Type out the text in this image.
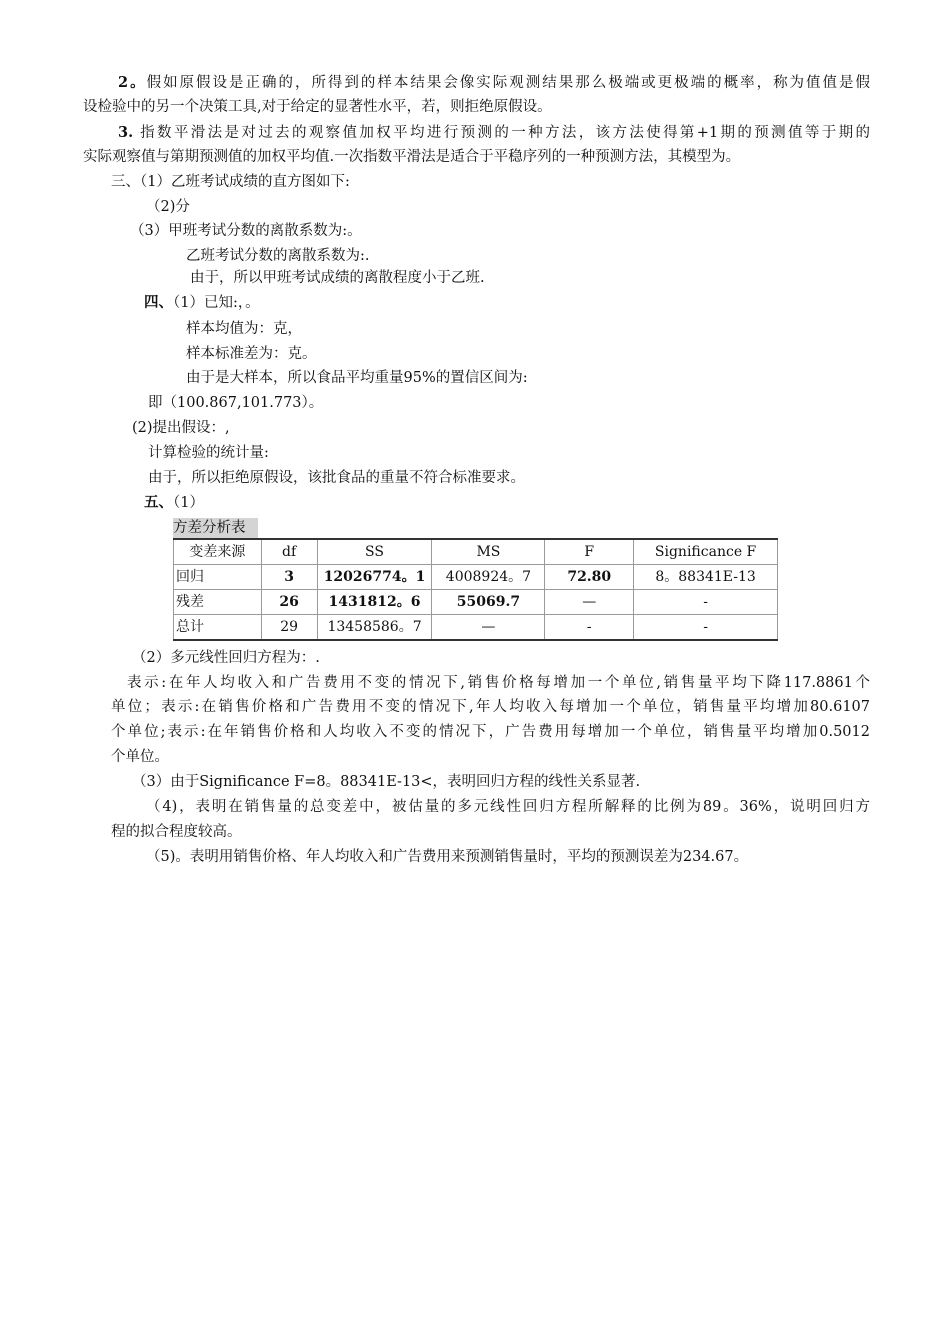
2。假如原假设是正确的，所得到的样本结果会像实际观测结果那么极端或更极端的概率，称为值值是假
设检验中的另一个决策工具,对于给定的显著性水平，若，则拒绝原假设。
3. 指数平滑法是对过去的观察值加权平均进行预测的一种方法，该方法使得第+1期的预测值等于期的
实际观察值与第期预测值的加权平均值.一次指数平滑法是适合于平稳序列的一种预测方法，其模型为。
三、（1）乙班考试成绩的直方图如下:
（2)分
（3）甲班考试分数的离散系数为:。
乙班考试分数的离散系数为:.
由于，所以甲班考试成绩的离散程度小于乙班.
四、（1）已知:，。
样本均值为：克，
样本标准差为：克。
由于是大样本，所以食品平均重量95%的置信区间为:
即（100.867,101.773）。
(2)提出假设：,
计算检验的统计量:
由于，所以拒绝原假设，该批食品的重量不符合标准要求。
五、（1）
方差分析表
变差来源	df	SS	MS	F	Significance F
回归	3	12026774。1	4008924。7	72.80	8。88341E-13
残差	26	1431812。6	55069.7	—	-
总计	29	13458586。7	—	-	-
（2）多元线性回归方程为：.
表示:在年人均收入和广告费用不变的情况下,销售价格每增加一个单位,销售量平均下降117.8861个
单位；表示:在销售价格和广告费用不变的情况下,年人均收入每增加一个单位，销售量平均增加80.6107
个单位;表示:在年销售价格和人均收入不变的情况下，广告费用每增加一个单位，销售量平均增加0.5012
个单位。
（3）由于Significance F=8。88341E-13<，表明回归方程的线性关系显著.
（4)，表明在销售量的总变差中，被估量的多元线性回归方程所解释的比例为89。36%，说明回归方
程的拟合程度较高。
（5)。表明用销售价格、年人均收入和广告费用来预测销售量时，平均的预测误差为234.67。
